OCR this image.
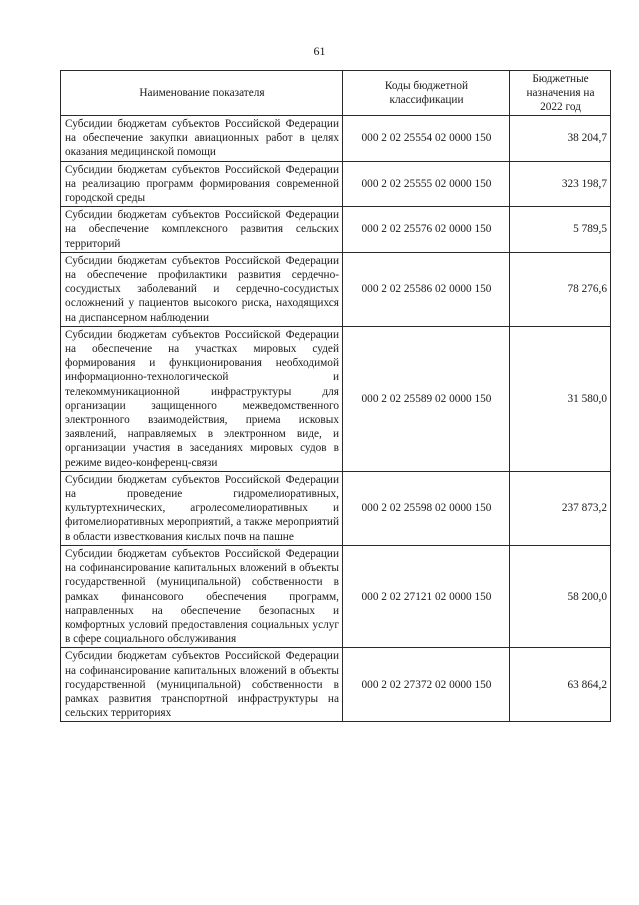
61
Наименование показателя	Коды бюджетной классификации	Бюджетные назначения на 2022 год
Субсидии бюджетам субъектов Российской Федерации на обеспечение закупки авиационных работ в целях оказания медицинской помощи	000 2 02 25554 02 0000 150	38 204,7
Субсидии бюджетам субъектов Российской Федерации на реализацию программ формирования современной городской среды	000 2 02 25555 02 0000 150	323 198,7
Субсидии бюджетам субъектов Российской Федерации на обеспечение комплексного развития сельских территорий	000 2 02 25576 02 0000 150	5 789,5
Субсидии бюджетам субъектов Российской Федерации на обеспечение профилактики развития сердечно-сосудистых заболеваний и сердечно-сосудистых осложнений у пациентов высокого риска, находящихся на диспансерном наблюдении	000 2 02 25586 02 0000 150	78 276,6
Субсидии бюджетам субъектов Российской Федерации на обеспечение на участках мировых судей формирования и функционирования необходимой информационно-технологической и телекоммуникационной инфраструктуры для организации защищенного межведомственного электронного взаимодействия, приема исковых заявлений, направляемых в электронном виде, и организации участия в заседаниях мировых судов в режиме видео-конференц-связи	000 2 02 25589 02 0000 150	31 580,0
Субсидии бюджетам субъектов Российской Федерации на проведение гидромелиоративных, культуртехнических, агролесомелиоративных и фитомелиоративных мероприятий, а также мероприятий в области известкования кислых почв на пашне	000 2 02 25598 02 0000 150	237 873,2
Субсидии бюджетам субъектов Российской Федерации на софинансирование капитальных вложений в объекты государственной (муниципальной) собственности в рамках финансового обеспечения программ, направленных на обеспечение безопасных и комфортных условий предоставления социальных услуг в сфере социального обслуживания	000 2 02 27121 02 0000 150	58 200,0
Субсидии бюджетам субъектов Российской Федерации на софинансирование капитальных вложений в объекты государственной (муниципальной) собственности в рамках развития транспортной инфраструктуры на сельских территориях	000 2 02 27372 02 0000 150	63 864,2
